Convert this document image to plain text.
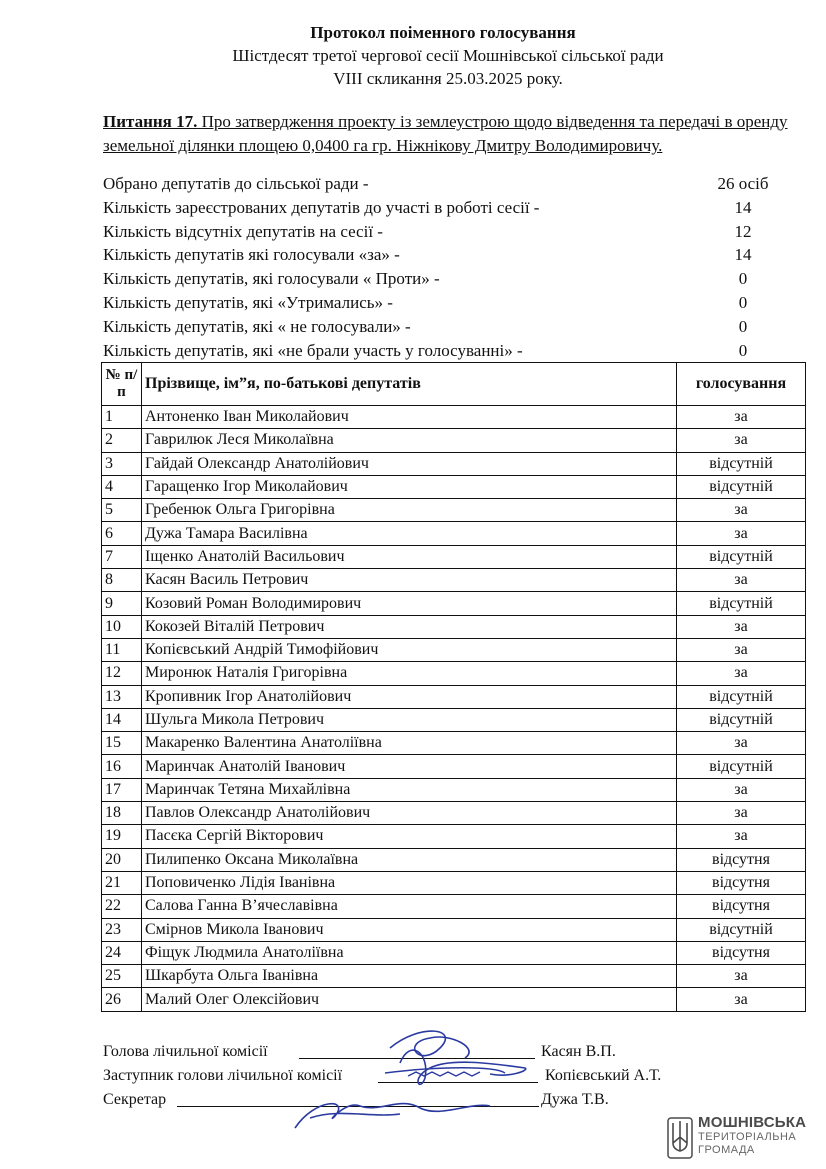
Протокол поіменного голосування
Шістдесят третої чергової сесії Мошнівської сільської ради
VIII скликання 25.03.2025 року.
Питання 17. Про затвердження проекту із землеустрою щодо відведення та передачі в оренду земельної ділянки площею 0,0400 га гр. Ніжнікову Дмитру Володимировичу.
Обрано депутатів до сільської ради -	26 осіб
Кількість зареєстрованих депутатів до участі в роботі сесії -	14
Кількість відсутніх депутатів на сесії -	12
Кількість депутатів які голосували «за» -	14
Кількість депутатів, які голосували « Проти» -	0
Кількість депутатів, які «Утримались» -	0
Кількість депутатів, які « не голосували» -	0
Кількість депутатів, які «не брали участь у голосуванні» -	0
№ п/п	Прізвище, ім”я, по-батькові депутатів	голосування
1	Антоненко Іван Миколайович	за
2	Гаврилюк Леся Миколаївна	за
3	Гайдай Олександр Анатолійович	відсутній
4	Гаращенко Ігор Миколайович	відсутній
5	Гребенюк Ольга Григорівна	за
6	Дужа Тамара Василівна	за
7	Іщенко Анатолій Васильович	відсутній
8	Касян Василь Петрович	за
9	Козовий Роман Володимирович	відсутній
10	Кокозей Віталій Петрович	за
11	Копієвський Андрій Тимофійович	за
12	Миронюк Наталія Григорівна	за
13	Кропивник Ігор Анатолійович	відсутній
14	Шульга Микола Петрович	відсутній
15	Макаренко Валентина Анатоліївна	за
16	Маринчак Анатолій Іванович	відсутній
17	Маринчак Тетяна Михайлівна	за
18	Павлов Олександр Анатолійович	за
19	Пасєка Сергій Вікторович	за
20	Пилипенко Оксана Миколаївна	відсутня
21	Поповиченко Лідія Іванівна	відсутня
22	Салова Ганна В’ячеславівна	відсутня
23	Смірнов Микола Іванович	відсутній
24	Фіщук Людмила Анатоліївна	відсутня
25	Шкарбута Ольга Іванівна	за
26	Малий Олег Олексійович	за
Голова лічильної комісії	Касян В.П.
Заступник голови лічильної комісії	Копієвський А.Т.
Секретар	Дужа Т.В.
МОШНІВСЬКА
ТЕРИТОРІАЛЬНА
ГРОМАДА
